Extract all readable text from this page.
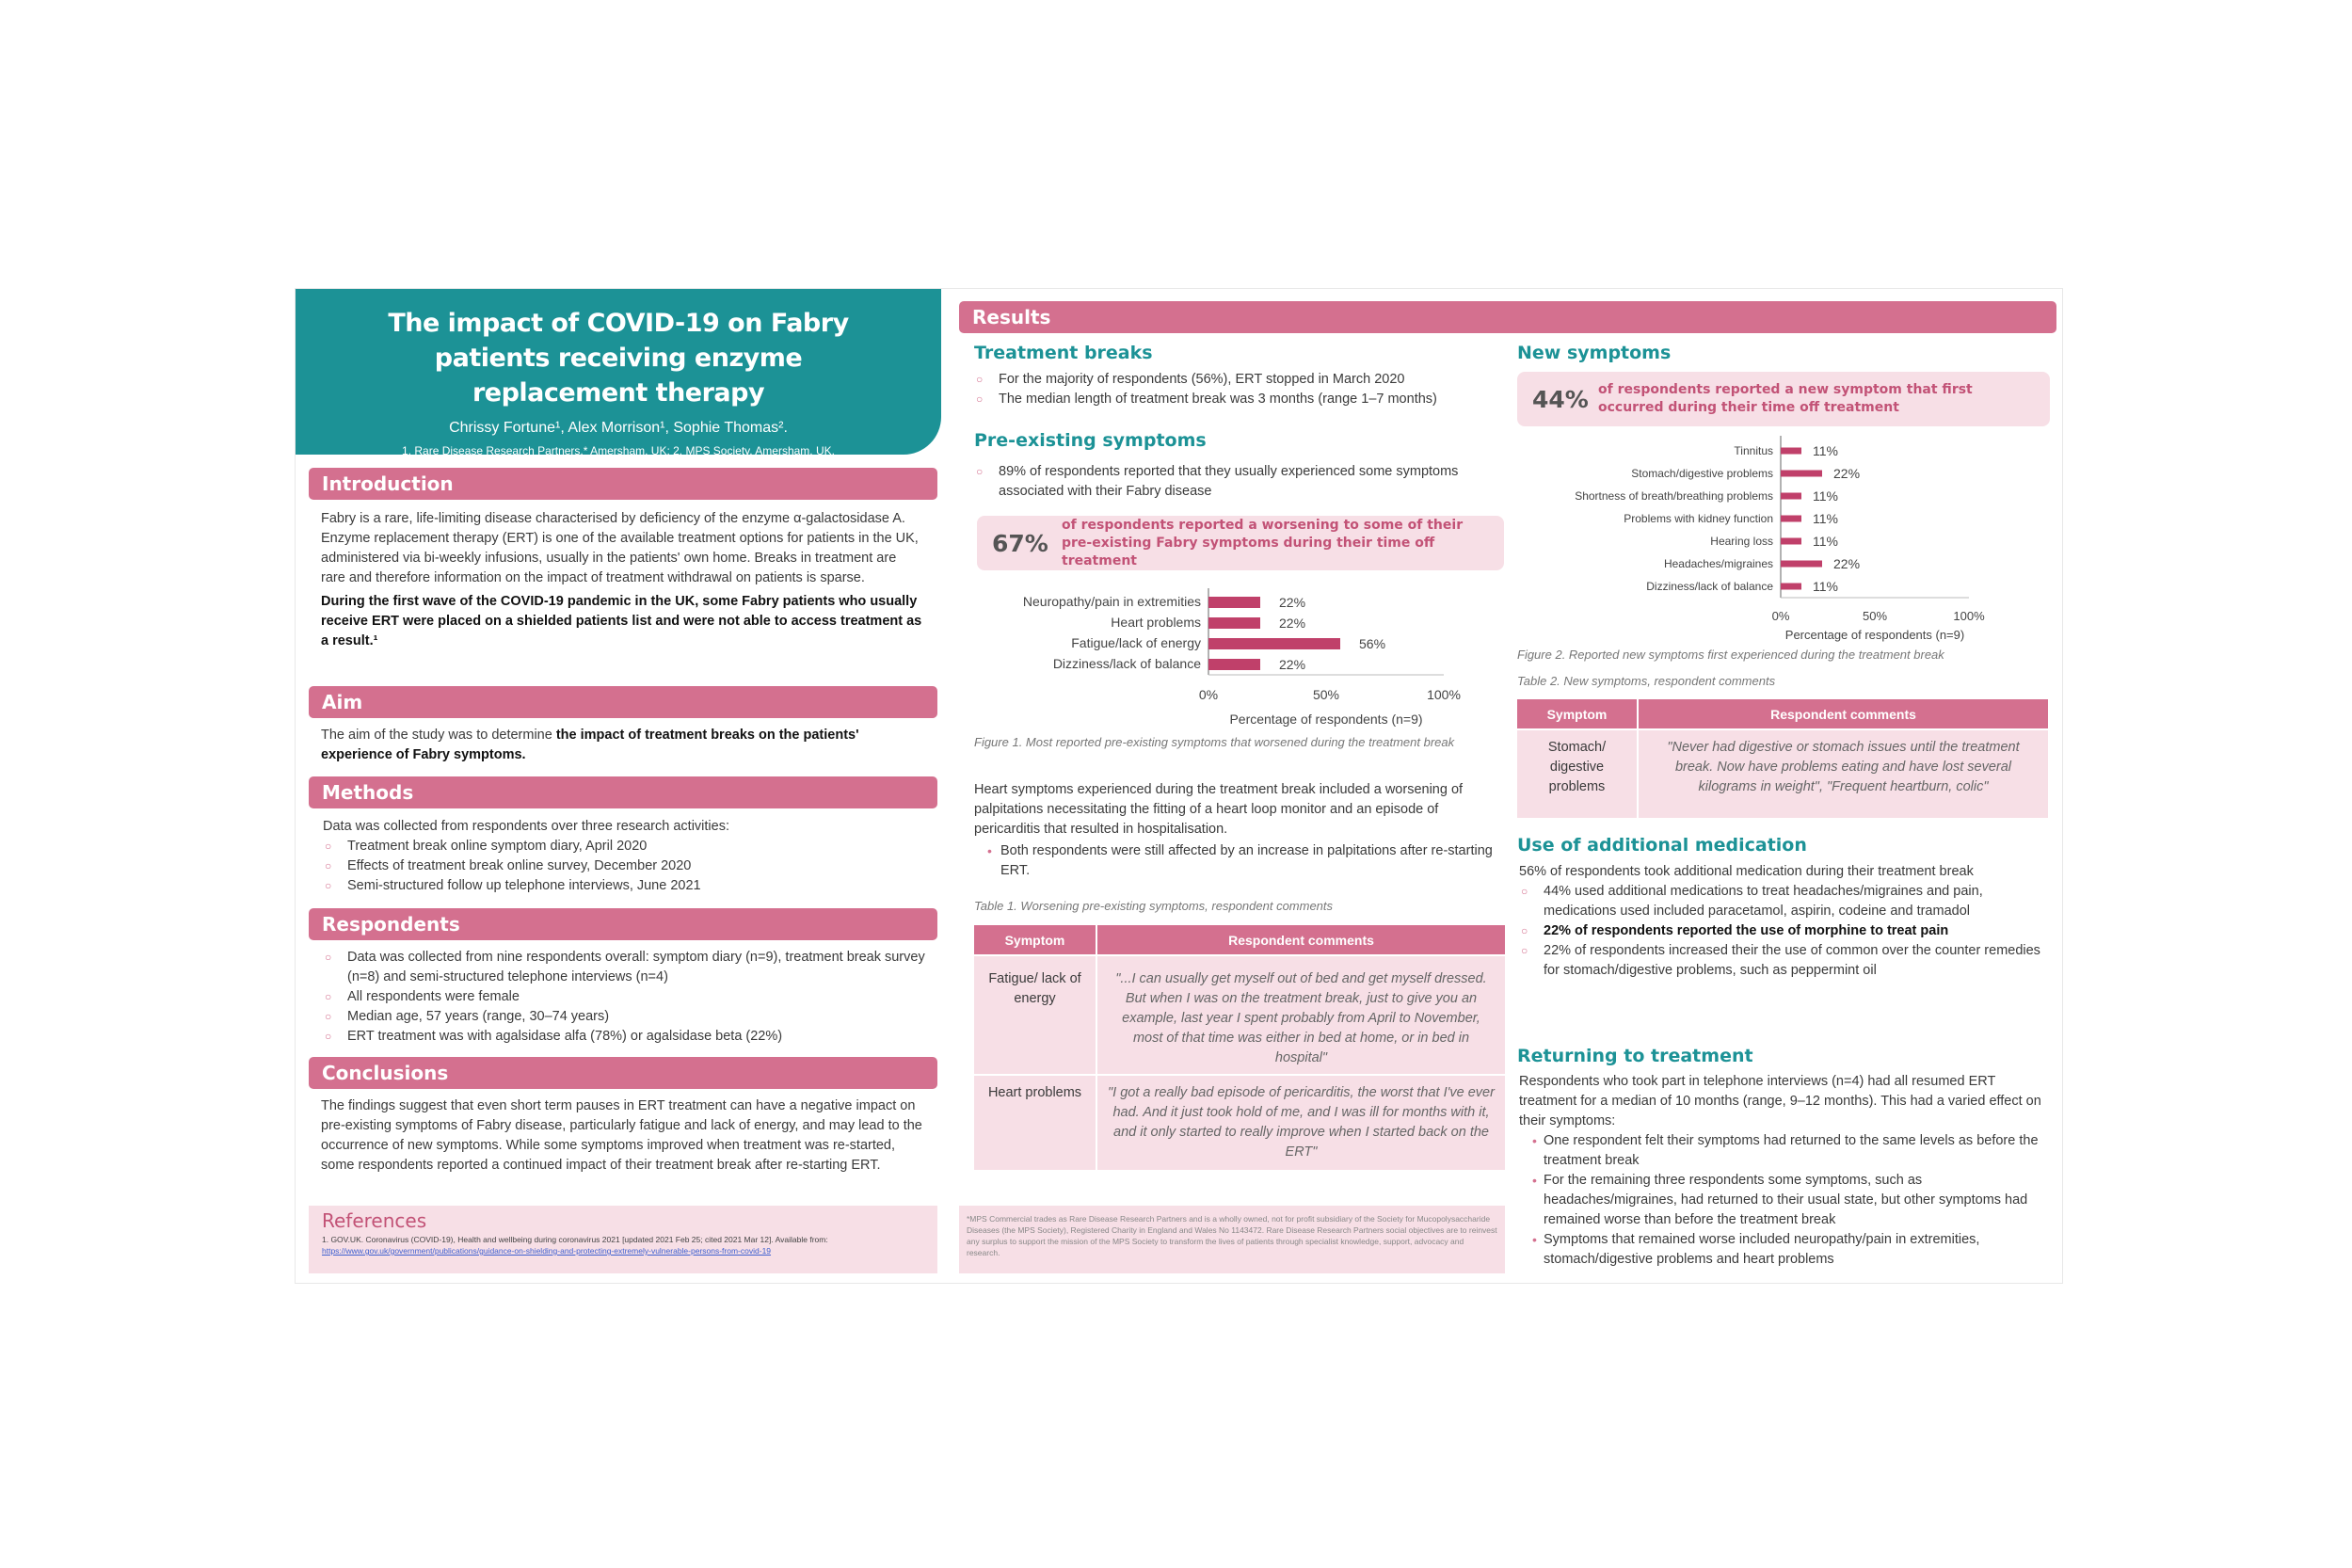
The impact of COVID-19 on Fabry patients receiving enzyme replacement therapy
Chrissy Fortune¹, Alex Morrison¹, Sophie Thomas².
1. Rare Disease Research Partners,* Amersham, UK; 2. MPS Society, Amersham, UK.
Introduction

Fabry is a rare, life-limiting disease characterised by deficiency of the enzyme α-galactosidase A. Enzyme replacement therapy (ERT) is one of the available treatment options for patients in the UK, administered via bi-weekly infusions, usually in the patients' own home. Breaks in treatment are rare and therefore information on the impact of treatment withdrawal on patients is sparse.

During the first wave of the COVID-19 pandemic in the UK, some Fabry patients who usually receive ERT were placed on a shielded patients list and were not able to access treatment as a result.¹

Aim
The aim of the study was to determine the impact of treatment breaks on the patients' experience of Fabry symptoms.
Methods

Data was collected from respondents over three research activities:

○ Treatment break online symptom diary, April 2020
○ Effects of treatment break online survey, December 2020
○ Semi-structured follow up telephone interviews, June 2021
Respondents
○ Data was collected from nine respondents overall: symptom diary (n=9), treatment break survey (n=8) and semi-structured telephone interviews (n=4)
○ All respondents were female
○ Median age, 57 years (range, 30–74 years)
○ ERT treatment was with agalsidase alfa (78%) or agalsidase beta (22%)
Conclusions
The findings suggest that even short term pauses in ERT treatment can have a negative impact on pre-existing symptoms of Fabry disease, particularly fatigue and lack of energy, and may lead to the occurrence of new symptoms. While some symptoms improved when treatment was re-started, some respondents reported a continued impact of their treatment break after re-starting ERT.
References
1. GOV.UK. Coronavirus (COVID-19), Health and wellbeing during coronavirus 2021 [updated 2021 Feb 25; cited 2021 Mar 12]. Available from: https://www.gov.uk/government/publications/guidance-on-shielding-and-protecting-extremely-vulnerable-persons-from-covid-19
Results
Treatment breaks
○ For the majority of respondents (56%), ERT stopped in March 2020
○ The median length of treatment break was 3 months (range 1–7 months)
Pre-existing symptoms
○ 89% of respondents reported that they usually experienced some symptoms associated with their Fabry disease
67%
of respondents reported a worsening to some of their pre-existing Fabry symptoms during their time off treatment
Neuropathy/pain in extremities	22%
Heart problems	22%
Fatigue/lack of energy	56%
Dizziness/lack of balance	22%
0%	50%	100%
Percentage of respondents (n=9)
Figure 1. Most reported pre-existing symptoms that worsened during the treatment break
Heart symptoms experienced during the treatment break included a worsening of palpitations necessitating the fitting of a heart loop monitor and an episode of pericarditis that resulted in hospitalisation.
• Both respondents were still affected by an increase in palpitations after re-starting ERT.
Table 1. Worsening pre-existing symptoms, respondent comments
Symptom	Respondent comments
Fatigue/ lack of energy	"...I can usually get myself out of bed and get myself dressed. But when I was on the treatment break, just to give you an example, last year I spent probably from April to November, most of that time was either in bed at home, or in bed in hospital"
Heart problems	"I got a really bad episode of pericarditis, the worst that I've ever had. And it just took hold of me, and I was ill for months with it, and it only started to really improve when I started back on the ERT"
*MPS Commercial trades as Rare Disease Research Partners and is a wholly owned, not for profit subsidiary of the Society for Mucopolysaccharide Diseases (the MPS Society), Registered Charity in England and Wales No 1143472. Rare Disease Research Partners social objectives are to reinvest any surplus to support the mission of the MPS Society to transform the lives of patients through specialist knowledge, support, advocacy and research.
New symptoms
44% of respondents reported a new symptom that first occurred during their time off treatment
Tinnitus	11%
Stomach/digestive problems	22%
Shortness of breath/breathing problems	11%
Problems with kidney function	11%
Hearing loss	11%
Headaches/migraines	22%
Dizziness/lack of balance	11%
0%	50%	100%
Percentage of respondents (n=9)
Figure 2. Reported new symptoms first experienced during the treatment break
Table 2. New symptoms, respondent comments
Symptom	Respondent comments
Stomach/ digestive problems	"Never had digestive or stomach issues until the treatment break. Now have problems eating and have lost several kilograms in weight", "Frequent heartburn, colic"
Use of additional medication

56% of respondents took additional medication during their treatment break

○ 44% used additional medications to treat headaches/migraines and pain, medications used included paracetamol, aspirin, codeine and tramadol
○ 22% of respondents reported the use of morphine to treat pain
○ 22% of respondents increased their the use of common over the counter remedies for stomach/digestive problems, such as peppermint oil
Returning to treatment

Respondents who took part in telephone interviews (n=4) had all resumed ERT treatment for a median of 10 months (range, 9–12 months). This had a varied effect on their symptoms:

• One respondent felt their symptoms had returned to the same levels as before the treatment break
• For the remaining three respondents some symptoms, such as headaches/migraines, had returned to their usual state, but other symptoms had remained worse than before the treatment break
• Symptoms that remained worse included neuropathy/pain in extremities, stomach/digestive problems and heart problems
